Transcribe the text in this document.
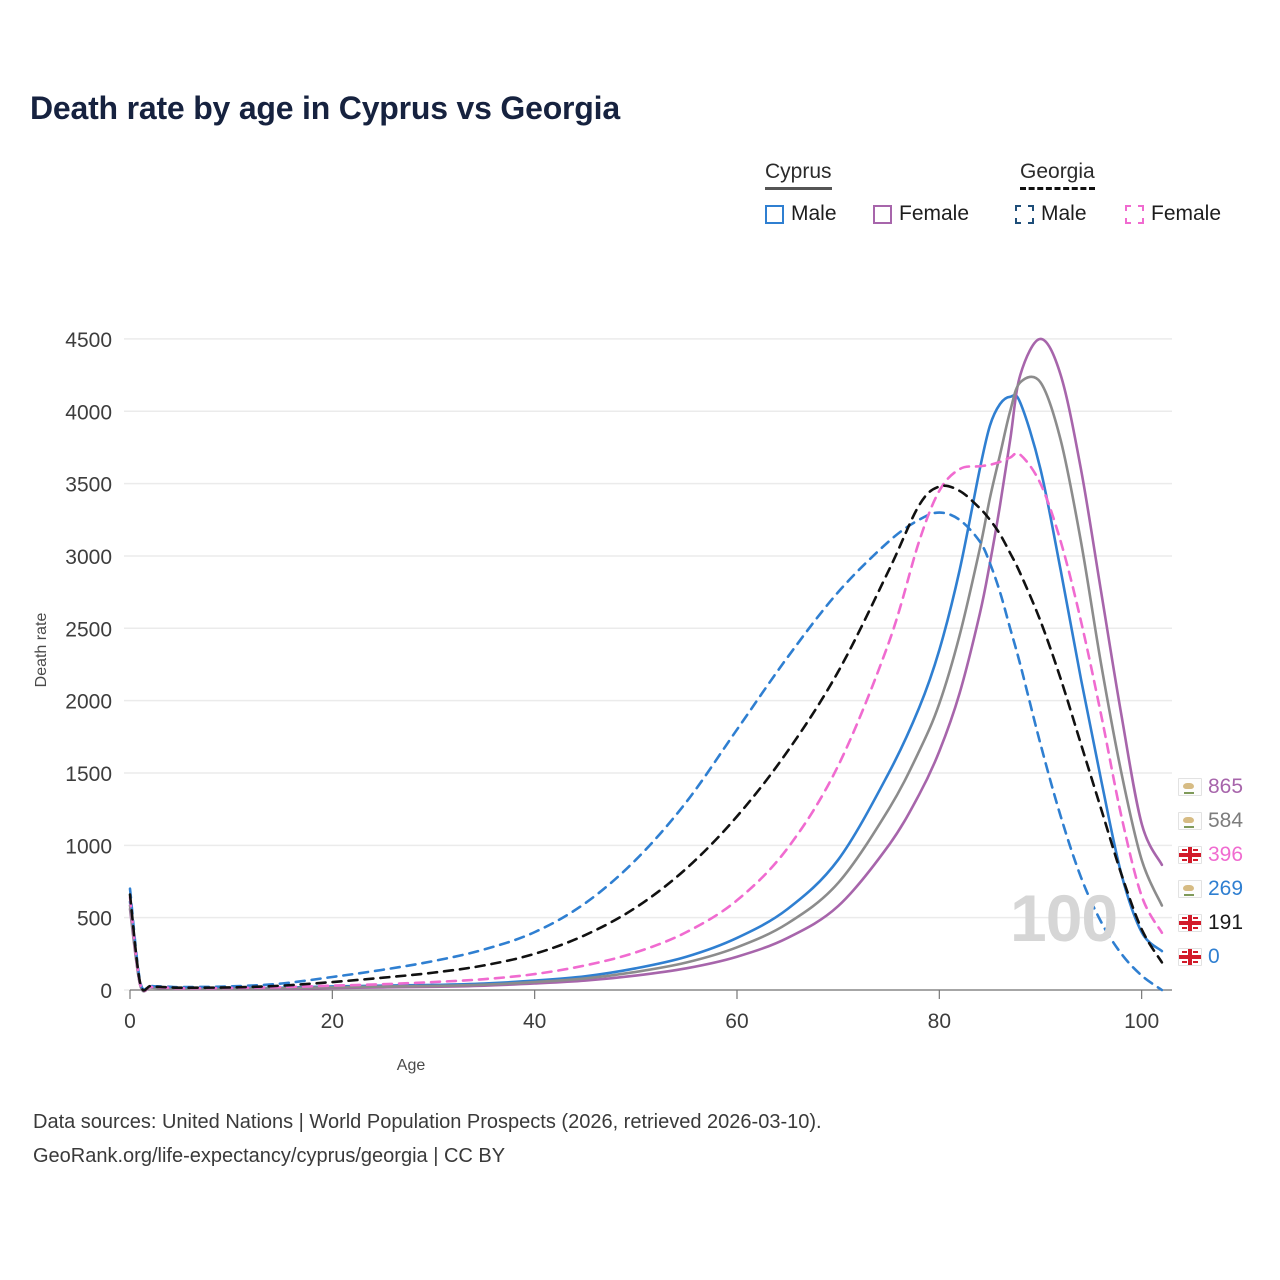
Death rate by age in Cyprus vs Georgia
Cyprus	Georgia
Male	Female	Male	Female
0
500
1000
1500
2000
2500
3000
3500
4000
4500
0	20	40	60	80	100
Age
Death rate
100
865
584
396
269
191
0
Data sources: United Nations | World Population Prospects (2026, retrieved 2026-03-10).
GeoRank.org/life-expectancy/cyprus/georgia | CC BY
